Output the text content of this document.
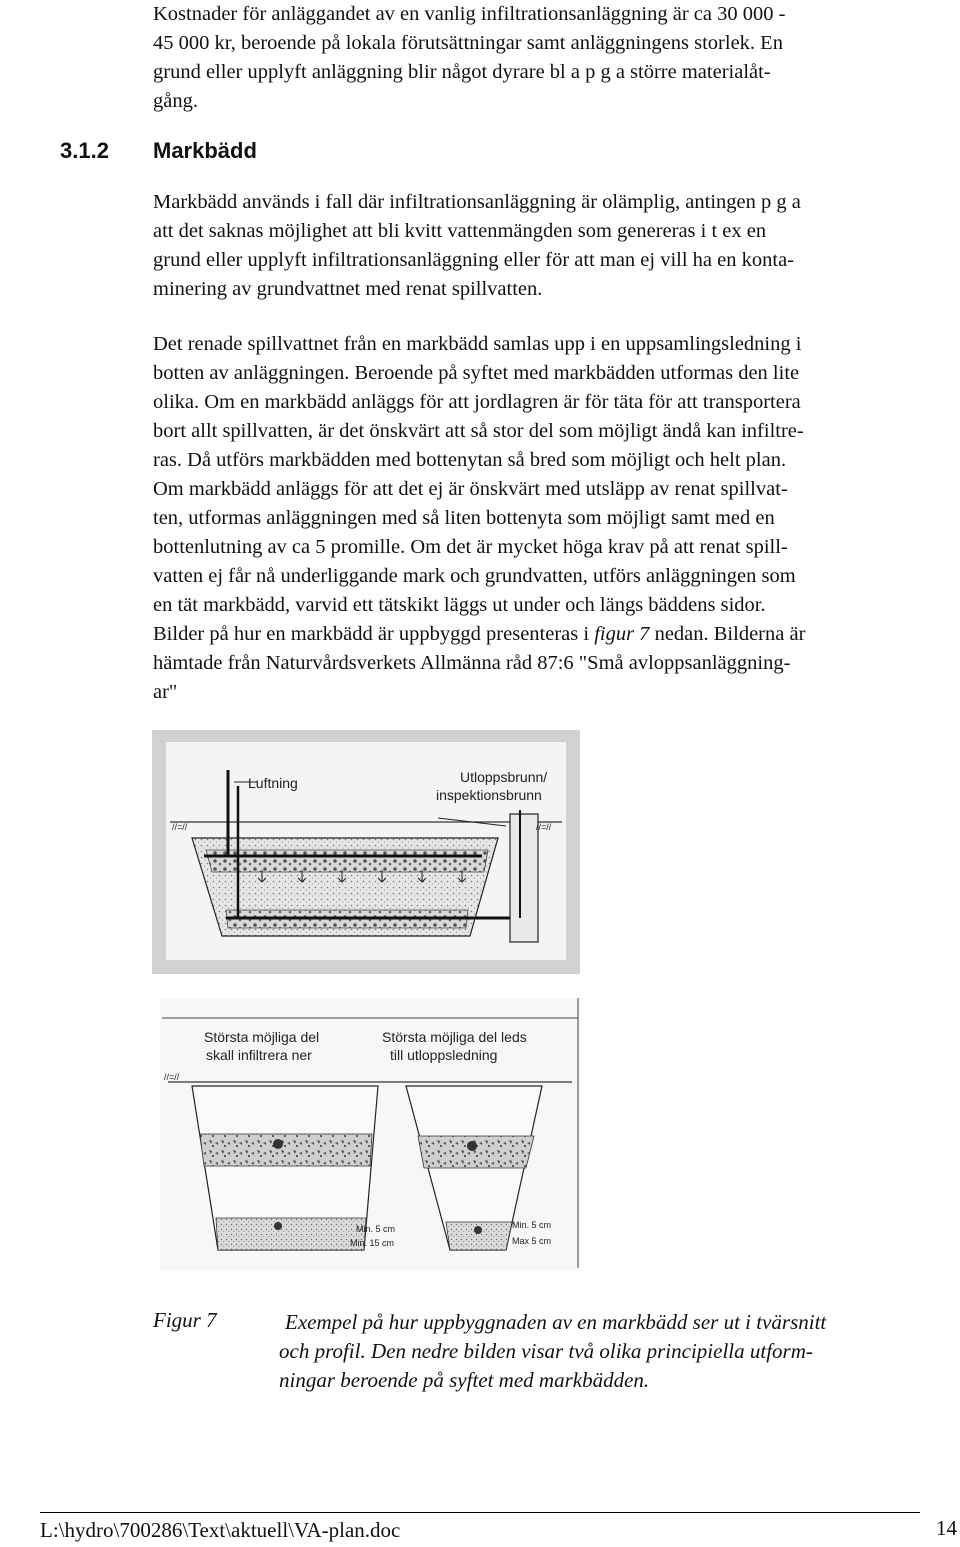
Kostnader för anläggandet av en vanlig infiltrationsanläggning är ca 30 000 -
45 000 kr, beroende på lokala förutsättningar samt anläggningens storlek. En
grund eller upplyft anläggning blir något dyrare bl a p g a större materialåt-
gång.
3.1.2 Markbädd
Markbädd används i fall där infiltrationsanläggning är olämplig, antingen p g a
att det saknas möjlighet att bli kvitt vattenmängden som genereras i t ex en
grund eller upplyft infiltrationsanläggning eller för att man ej vill ha en konta-
minering av grundvattnet med renat spillvatten.
Det renade spillvattnet från en markbädd samlas upp i en uppsamlingsledning i
botten av anläggningen. Beroende på syftet med markbädden utformas den lite
olika. Om en markbädd anläggs för att jordlagren är för täta för att transportera
bort allt spillvatten, är det önskvärt att så stor del som möjligt ändå kan infiltre-
ras. Då utförs markbädden med bottenytan så bred som möjligt och helt plan.
Om markbädd anläggs för att det ej är önskvärt med utsläpp av renat spillvat-
ten, utformas anläggningen med så liten bottenyta som möjligt samt med en
bottenlutning av ca 5 promille. Om det är mycket höga krav på att renat spill-
vatten ej får nå underliggande mark och grundvatten, utförs anläggningen som
en tät markbädd, varvid ett tätskikt läggs ut under och längs bäddens sidor.
Bilder på hur en markbädd är uppbyggd presenteras i figur 7 nedan. Bilderna är
hämtade från Naturvårdsverkets Allmänna råd 87:6 "Små avloppsanläggning-
ar"
//=//	//=//
Luftning	Utloppsbrunn/
inspektionsbrunn
//=//
Största möjliga del
skall infiltrera ner
Största möjliga del leds
till utloppsledning
Min. 5 cm
Min. 15 cm
Min. 5 cm
Max 5 cm
Figur 7	Exempel på hur uppbyggnaden av en markbädd ser ut i tvärsnitt
och profil. Den nedre bilden visar två olika principiella utform-
ningar beroende på syftet med markbädden.
L:\hydro\700286\Text\aktuell\VA-plan.doc	14
